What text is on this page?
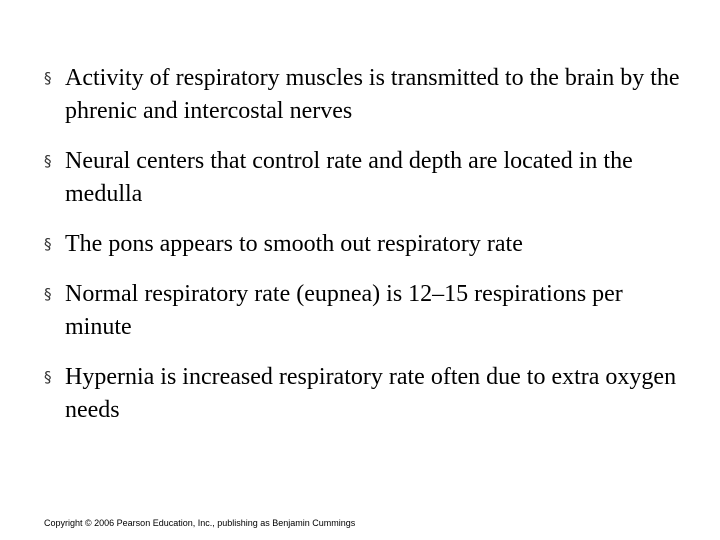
§ Activity of respiratory muscles is transmitted to the brain by the phrenic and intercostal nerves
§ Neural centers that control rate and depth are located in the medulla
§ The pons appears to smooth out respiratory rate
§ Normal respiratory rate (eupnea) is 12–15 respirations per minute
§ Hypernia is increased respiratory rate often due to extra oxygen needs
Copyright © 2006 Pearson Education, Inc., publishing as Benjamin Cummings
